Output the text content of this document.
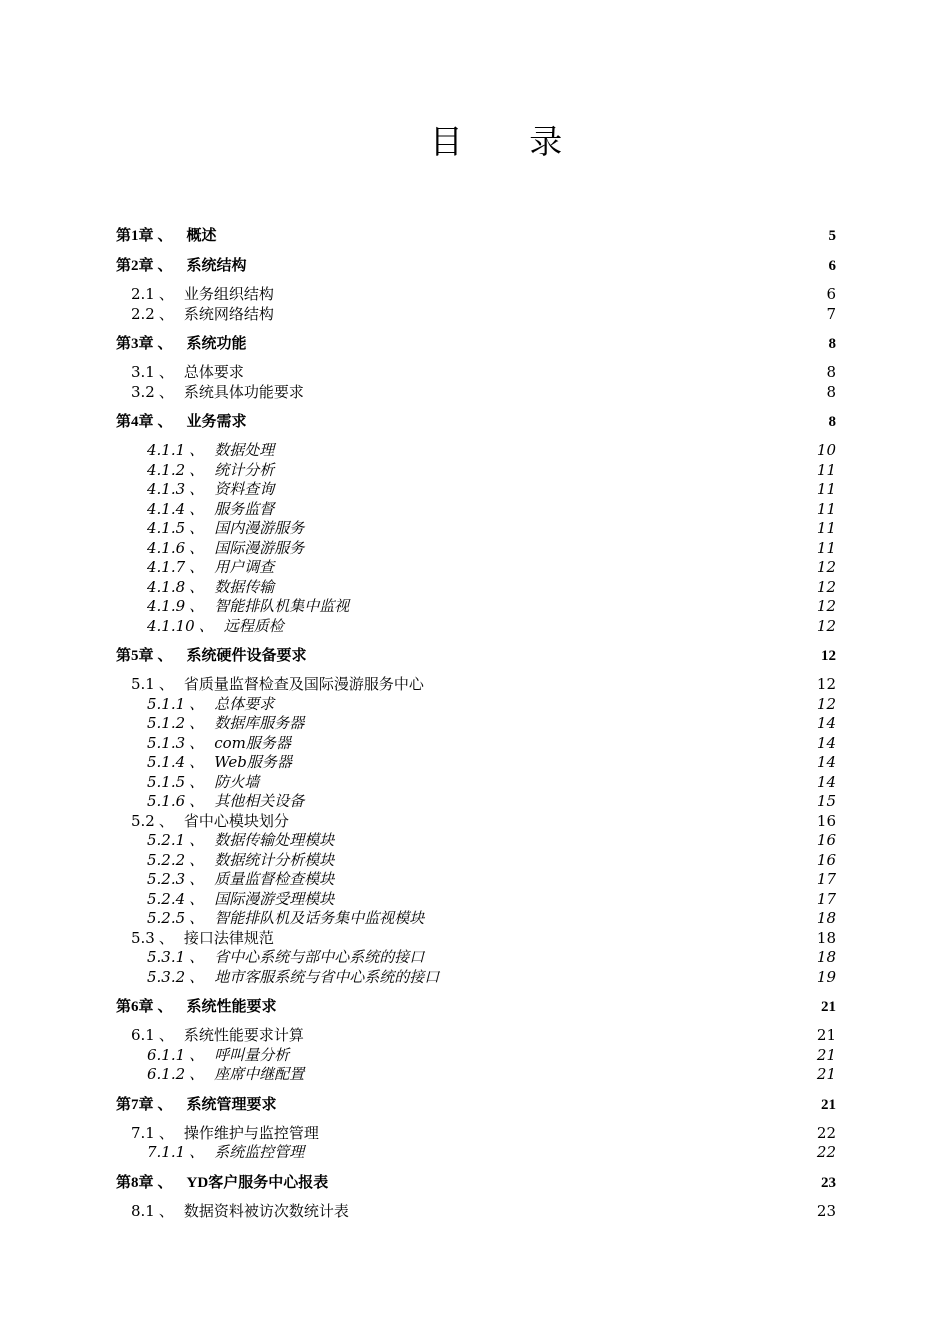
目 录
第1章 、 概述	5
第2章 、 系统结构	6
2.1 、 业务组织结构	6
2.2 、 系统网络结构	7
第3章 、 系统功能	8
3.1 、 总体要求	8
3.2 、 系统具体功能要求	8
第4章 、 业务需求	8
4.1.1 、 数据处理	10
4.1.2 、 统计分析	11
4.1.3 、 资料查询	11
4.1.4 、 服务监督	11
4.1.5 、 国内漫游服务	11
4.1.6 、 国际漫游服务	11
4.1.7 、 用户调查	12
4.1.8 、 数据传输	12
4.1.9 、 智能排队机集中监视	12
4.1.10 、 远程质检	12
第5章 、 系统硬件设备要求	12
5.1 、 省质量监督检查及国际漫游服务中心	12
5.1.1 、 总体要求	12
5.1.2 、 数据库服务器	14
5.1.3 、 com服务器	14
5.1.4 、 Web服务器	14
5.1.5 、 防火墙	14
5.1.6 、 其他相关设备	15
5.2 、 省中心模块划分	16
5.2.1 、 数据传输处理模块	16
5.2.2 、 数据统计分析模块	16
5.2.3 、 质量监督检查模块	17
5.2.4 、 国际漫游受理模块	17
5.2.5 、 智能排队机及话务集中监视模块	18
5.3 、 接口法律规范	18
5.3.1 、 省中心系统与部中心系统的接口	18
5.3.2 、 地市客服系统与省中心系统的接口	19
第6章 、 系统性能要求	21
6.1 、 系统性能要求计算	21
6.1.1 、 呼叫量分析	21
6.1.2 、 座席中继配置	21
第7章 、 系统管理要求	21
7.1 、 操作维护与监控管理	22
7.1.1 、 系统监控管理	22
第8章 、 YD客户服务中心报表	23
8.1 、 数据资料被访次数统计表	23
